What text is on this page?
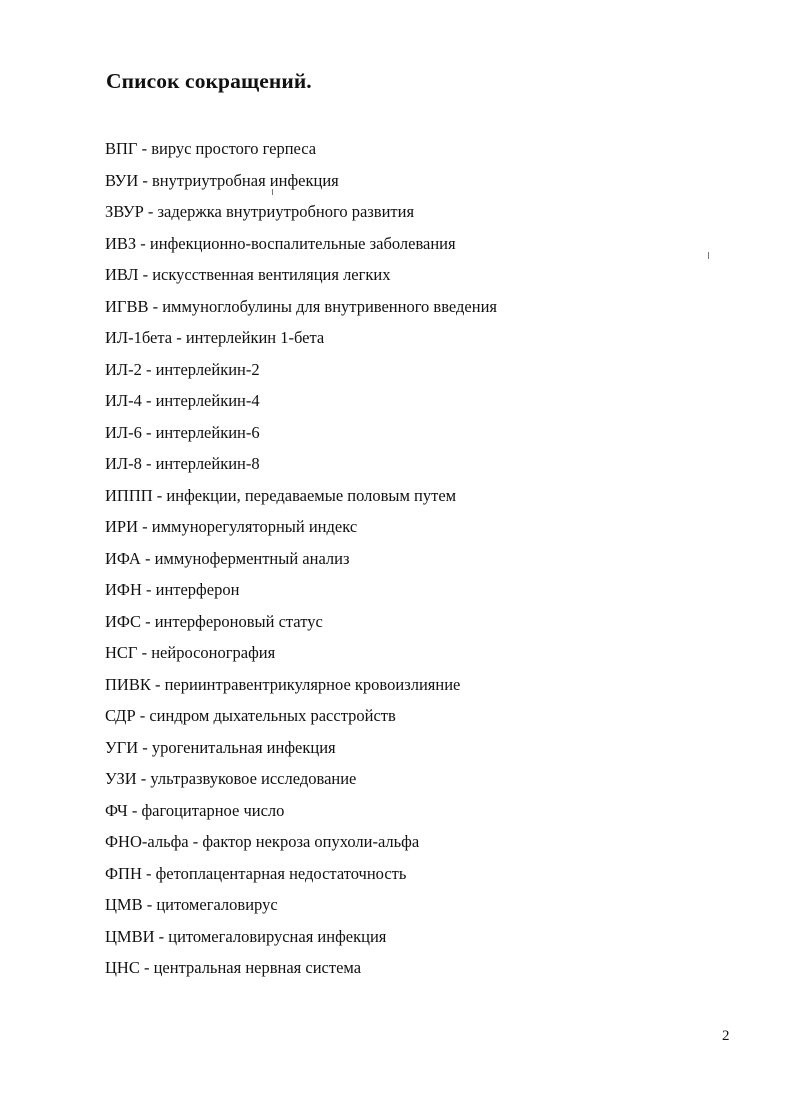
Список сокращений.
ВПГ - вирус простого герпеса
ВУИ - внутриутробная инфекция
ЗВУР - задержка внутриутробного развития
ИВЗ - инфекционно-воспалительные заболевания
ИВЛ - искусственная вентиляция легких
ИГВВ - иммуноглобулины для внутривенного введения
ИЛ-1бета - интерлейкин 1-бета
ИЛ-2 - интерлейкин-2
ИЛ-4 - интерлейкин-4
ИЛ-6 - интерлейкин-6
ИЛ-8 - интерлейкин-8
ИППП - инфекции, передаваемые половым путем
ИРИ - иммунорегуляторный индекс
ИФА - иммуноферментный анализ
ИФН - интерферон
ИФС - интерфероновый статус
НСГ - нейросонография
ПИВК - периинтравентрикулярное кровоизлияние
СДР - синдром дыхательных расстройств
УГИ - урогенитальная инфекция
УЗИ - ультразвуковое исследование
ФЧ - фагоцитарное число
ФНО-альфа - фактор некроза опухоли-альфа
ФПН - фетоплацентарная недостаточность
ЦМВ - цитомегаловирус
ЦМВИ - цитомегаловирусная инфекция
ЦНС - центральная нервная система
2
